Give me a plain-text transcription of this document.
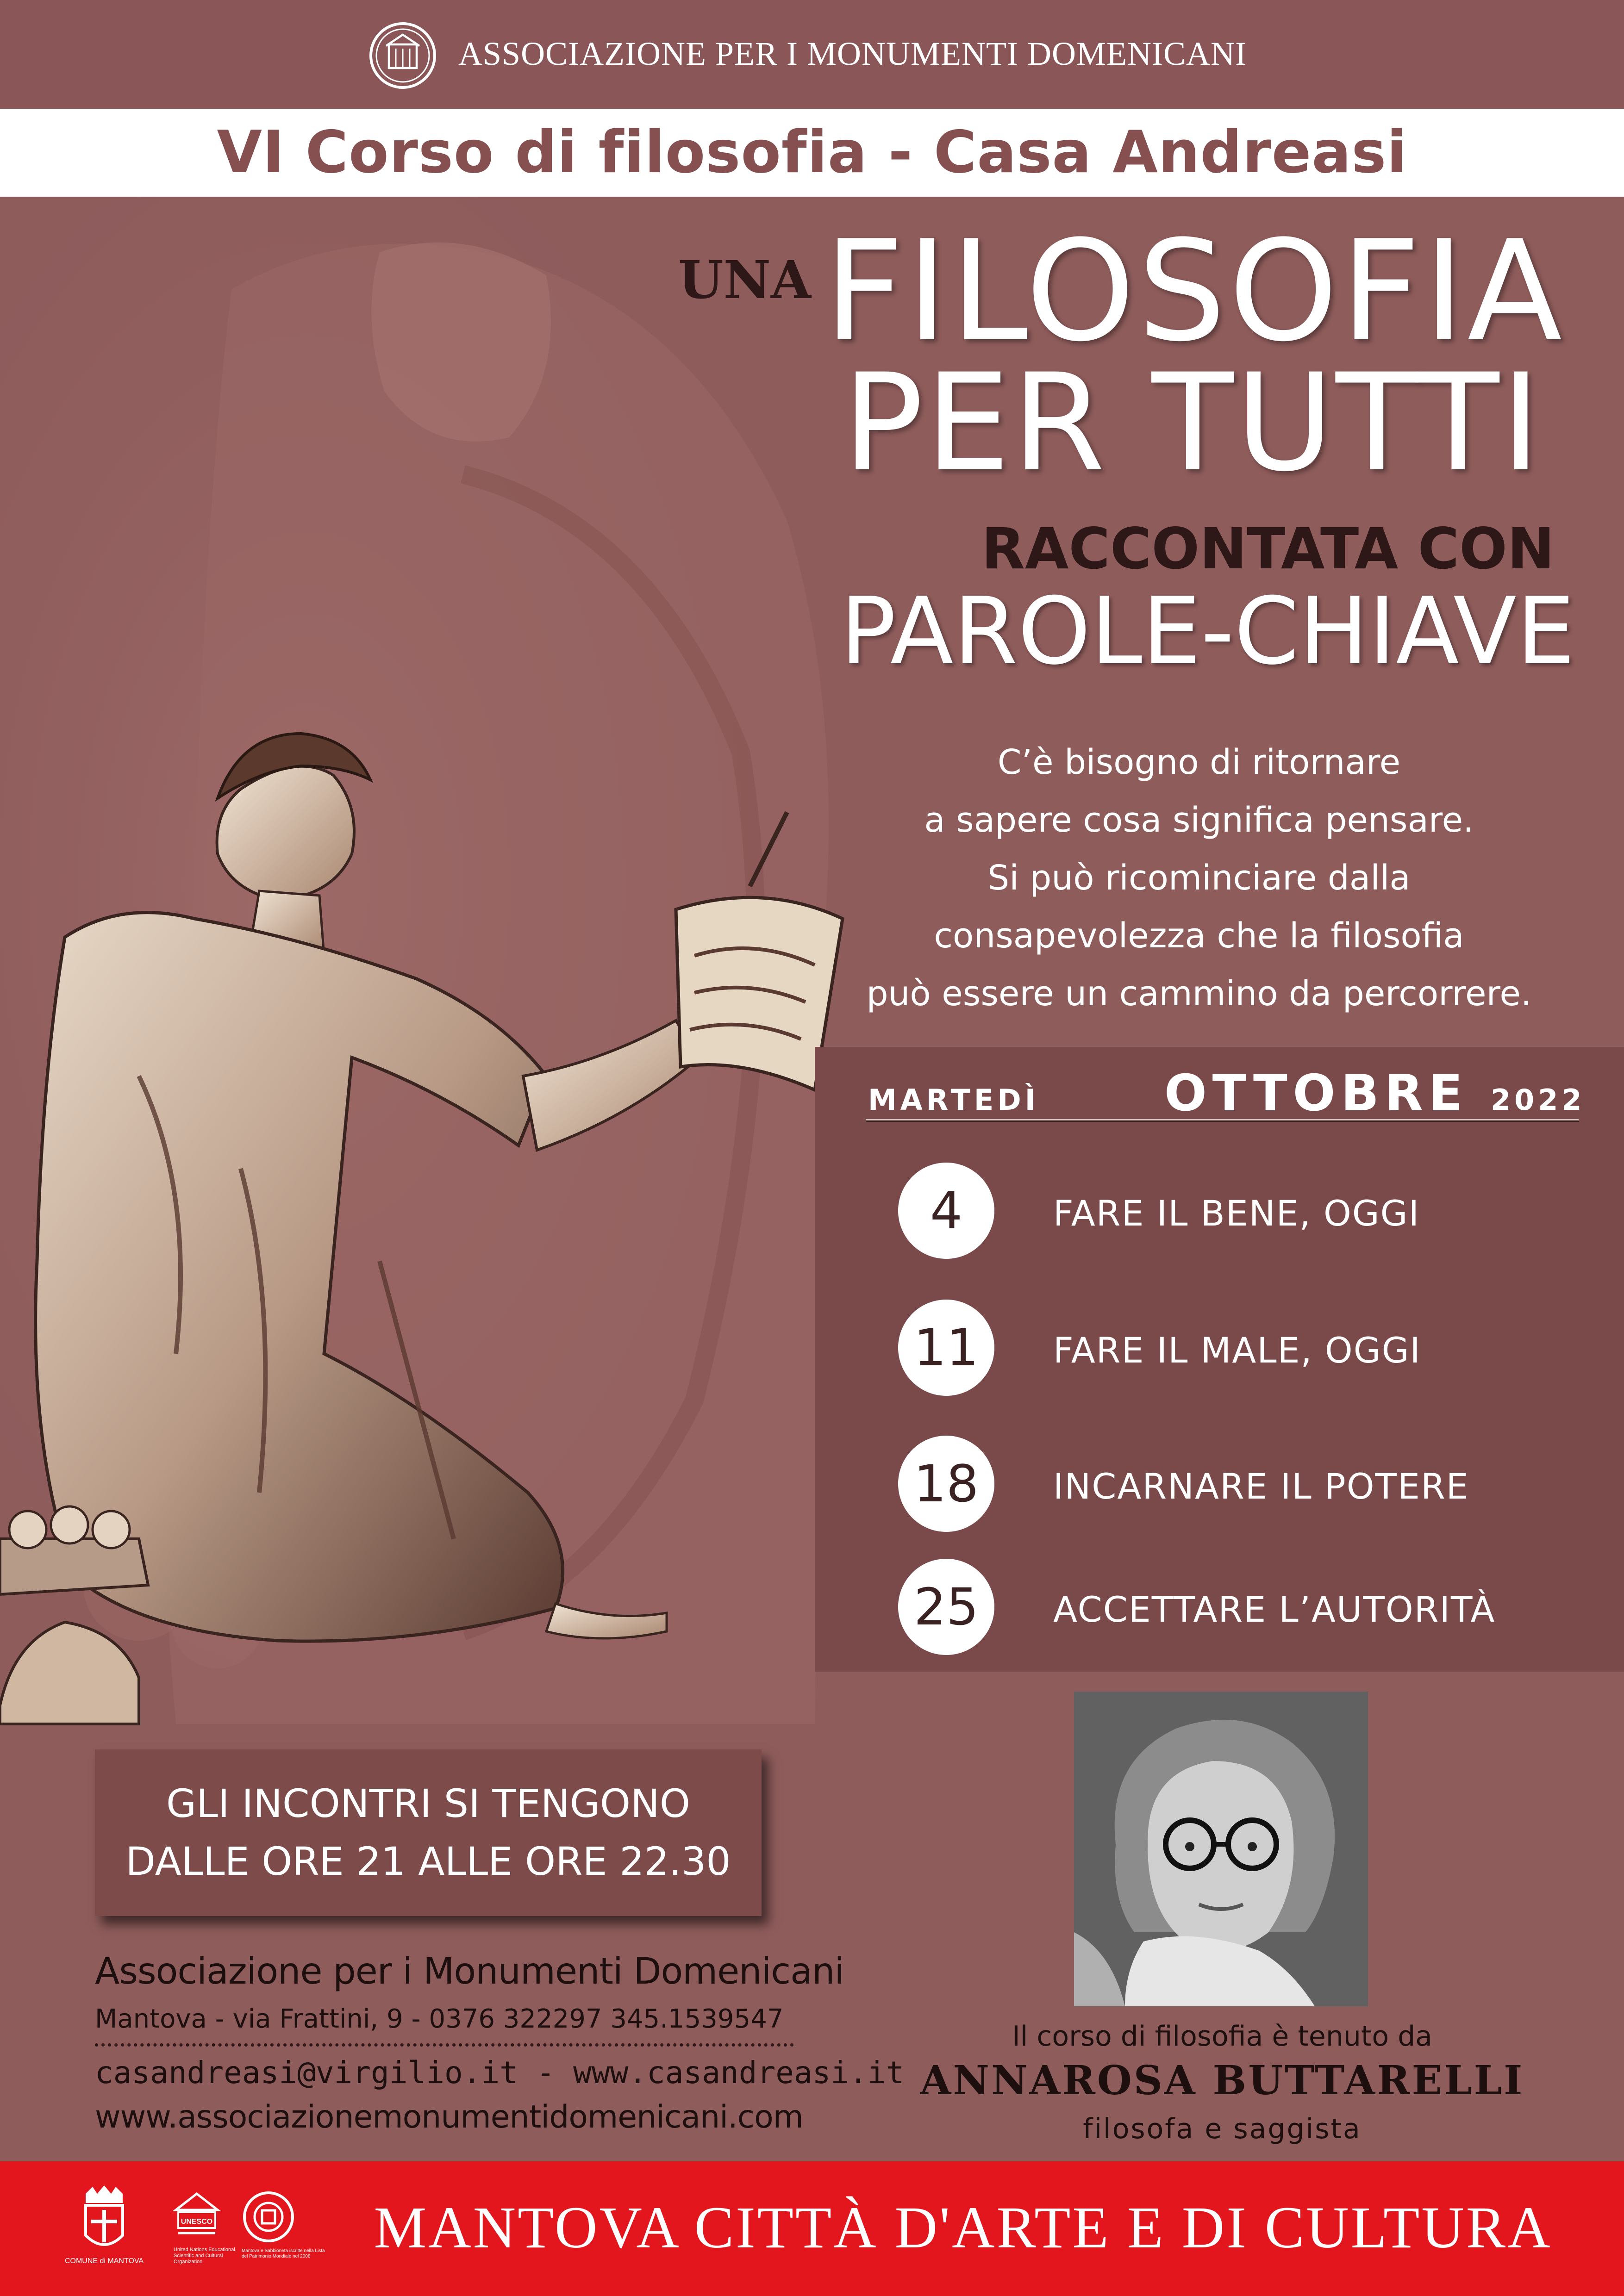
ASSOCIAZIONE PER I MONUMENTI DOMENICANI
VI Corso di filosofia - Casa Andreasi
UNA FILOSOFIA
PER TUTTI
RACCONTATA CON
PAROLE-CHIAVE
C’è bisogno di ritornare
a sapere cosa significa pensare.
Si può ricominciare dalla
consapevolezza che la filosofia
può essere un cammino da percorrere.
MARTEDÌ	OTTOBRE 2022
4	FARE IL BENE, OGGI
11	FARE IL MALE, OGGI
18	INCARNARE IL POTERE
25	ACCETTARE L’AUTORITÀ
GLI INCONTRI SI TENGONO
DALLE ORE 21 ALLE ORE 22.30
Associazione per i Monumenti Domenicani
Mantova - via Frattini, 9 - 0376 322297 345.1539547
casandreasi@virgilio.it - www.casandreasi.it
www.associazionemonumentidomenicani.com
Il corso di filosofia è tenuto da
ANNAROSA BUTTARELLI
filosofa e saggista
COMUNE di MANTOVA
UNESCO
United Nations Educational, Scientific and Cultural Organization
Mantova e Sabbioneta iscritte nella Lista del Patrimonio Mondiale nel 2008 MANTOVA CITTÀ D'ARTE E DI CULTURA
